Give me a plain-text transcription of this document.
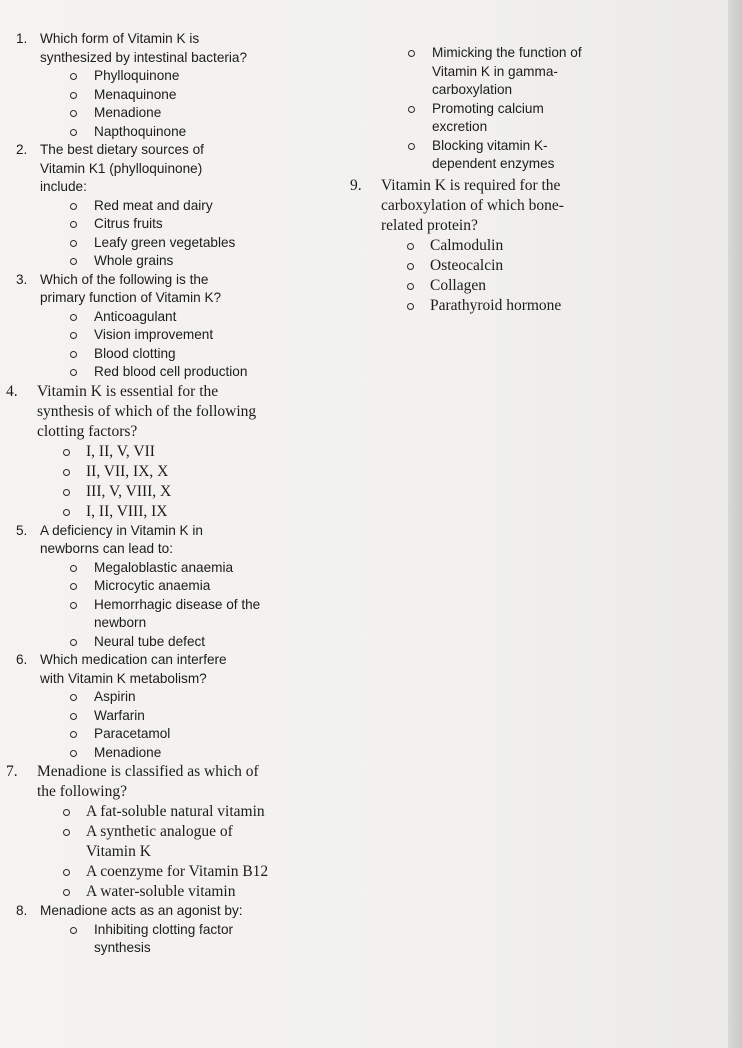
1. Which form of Vitamin K is
synthesized by intestinal bacteria?
Phylloquinone
Menaquinone
Menadione
Napthoquinone
2. The best dietary sources of
Vitamin K1 (phylloquinone)
include:
Red meat and dairy
Citrus fruits
Leafy green vegetables
Whole grains
3. Which of the following is the
primary function of Vitamin K?
Anticoagulant
Vision improvement
Blood clotting
Red blood cell production
4. Vitamin K is essential for the
synthesis of which of the following
clotting factors?
I, II, V, VII
II, VII, IX, X
III, V, VIII, X
I, II, VIII, IX
5. A deficiency in Vitamin K in
newborns can lead to:
Megaloblastic anaemia
Microcytic anaemia
Hemorrhagic disease of the
newborn
Neural tube defect
6. Which medication can interfere
with Vitamin K metabolism?
Aspirin
Warfarin
Paracetamol
Menadione
7. Menadione is classified as which of
the following?
A fat-soluble natural vitamin
A synthetic analogue of
Vitamin K
A coenzyme for Vitamin B12
A water-soluble vitamin
8. Menadione acts as an agonist by:
Inhibiting clotting factor
synthesis
Mimicking the function of
Vitamin K in gamma-
carboxylation
Promoting calcium
excretion
Blocking vitamin K-
dependent enzymes
9. Vitamin K is required for the
carboxylation of which bone-
related protein?
Calmodulin
Osteocalcin
Collagen
Parathyroid hormone
